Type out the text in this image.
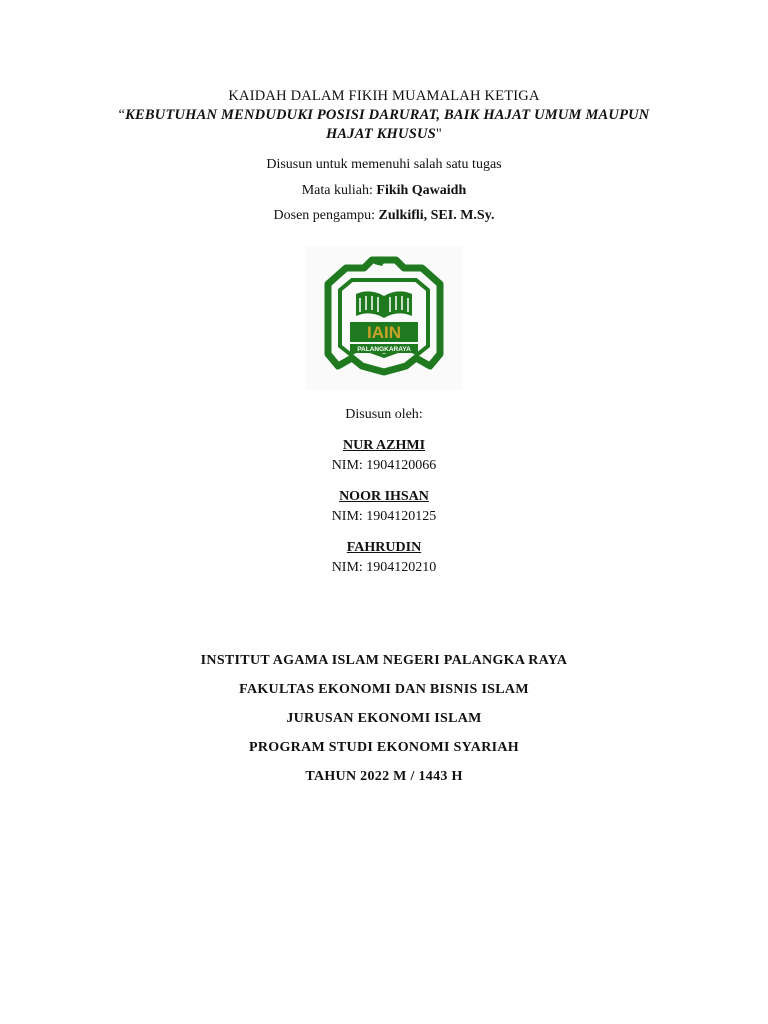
KAIDAH DALAM FIKIH MUAMALAH KETIGA
“KEBUTUHAN MENDUDUKI POSISI DARURAT, BAIK HAJAT UMUM MAUPUN
HAJAT KHUSUS"
Disusun untuk memenuhi salah satu tugas
Mata kuliah: Fikih Qawaidh
Dosen pengampu: Zulkifli, SEI. M.Sy.
IAIN
PALANGKARAYA
Disusun oleh:
NUR AZHMI
NIM: 1904120066
NOOR IHSAN
NIM: 1904120125
FAHRUDIN
NIM: 1904120210
INSTITUT AGAMA ISLAM NEGERI PALANGKA RAYA
FAKULTAS EKONOMI DAN BISNIS ISLAM
JURUSAN EKONOMI ISLAM
PROGRAM STUDI EKONOMI SYARIAH
TAHUN 2022 M / 1443 H
